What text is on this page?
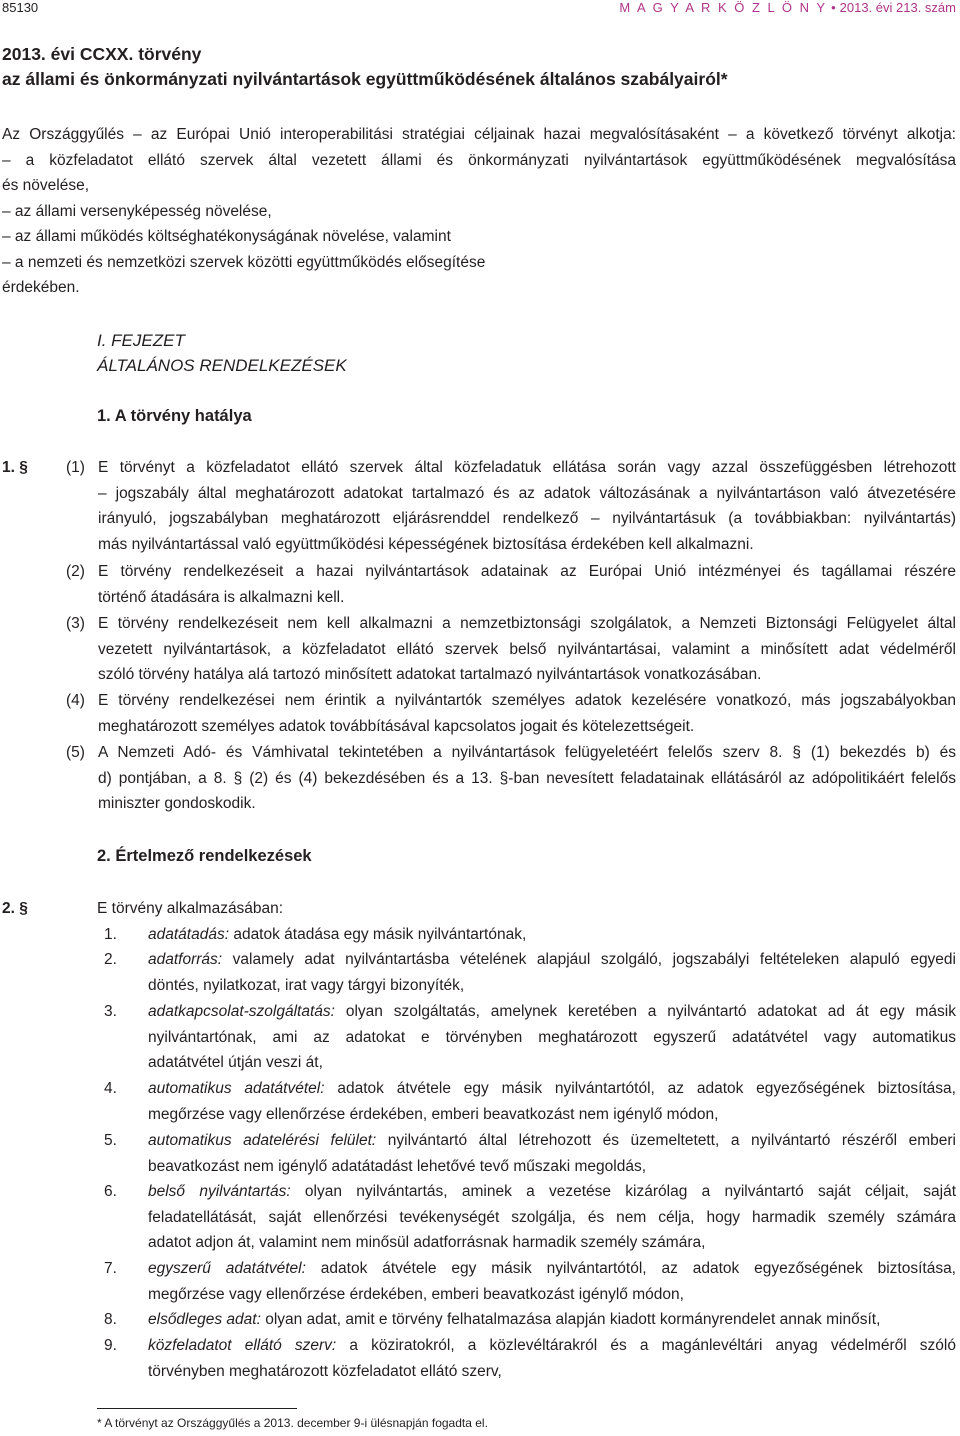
85130	M A G Y A R K Ö Z L Ö N Y • 2013. évi 213. szám
2013. évi CCXX. törvény
az állami és önkormányzati nyilvántartások együttműködésének általános szabályairól*
Az Országgyűlés – az Európai Unió interoperabilitási stratégiai céljainak hazai megvalósításaként – a következő törvényt alkotja:
– a közfeladatot ellátó szervek által vezetett állami és önkormányzati nyilvántartások együttműködésének megvalósítása
és növelése,
– az állami versenyképesség növelése,
– az állami működés költséghatékonyságának növelése, valamint
– a nemzeti és nemzetközi szervek közötti együttműködés elősegítése
érdekében.
I. FEJEZET
ÁLTALÁNOS RENDELKEZÉSEK
1. A törvény hatálya
1. § (1) E törvényt a közfeladatot ellátó szervek által közfeladatuk ellátása során vagy azzal összefüggésben létrehozott
– jogszabály által meghatározott adatokat tartalmazó és az adatok változásának a nyilvántartáson való átvezetésére
irányuló, jogszabályban meghatározott eljárásrenddel rendelkező – nyilvántartásuk (a továbbiakban: nyilvántartás)
más nyilvántartással való együttműködési képességének biztosítása érdekében kell alkalmazni.
(2) E törvény rendelkezéseit a hazai nyilvántartások adatainak az Európai Unió intézményei és tagállamai részére
történő átadására is alkalmazni kell.
(3) E törvény rendelkezéseit nem kell alkalmazni a nemzetbiztonsági szolgálatok, a Nemzeti Biztonsági Felügyelet által
vezetett nyilvántartások, a közfeladatot ellátó szervek belső nyilvántartásai, valamint a minősített adat védelméről
szóló törvény hatálya alá tartozó minősített adatokat tartalmazó nyilvántartások vonatkozásában.
(4) E törvény rendelkezései nem érintik a nyilvántartók személyes adatok kezelésére vonatkozó, más jogszabályokban
meghatározott személyes adatok továbbításával kapcsolatos jogait és kötelezettségeit.
(5) A Nemzeti Adó- és Vámhivatal tekintetében a nyilvántartások felügyeletéért felelős szerv 8. § (1) bekezdés b) és
d) pontjában, a 8. § (2) és (4) bekezdésében és a 13. §-ban nevesített feladatainak ellátásáról az adópolitikáért felelős
miniszter gondoskodik.
2. Értelmező rendelkezések
2. §	E törvény alkalmazásában:
1. adatátadás: adatok átadása egy másik nyilvántartónak,
2. adatforrás: valamely adat nyilvántartásba vételének alapjául szolgáló, jogszabályi feltételeken alapuló egyedi
döntés, nyilatkozat, irat vagy tárgyi bizonyíték,
3. adatkapcsolat-szolgáltatás: olyan szolgáltatás, amelynek keretében a nyilvántartó adatokat ad át egy másik
nyilvántartónak, ami az adatokat e törvényben meghatározott egyszerű adatátvétel vagy automatikus
adatátvétel útján veszi át,
4. automatikus adatátvétel: adatok átvétele egy másik nyilvántartótól, az adatok egyezőségének biztosítása,
megőrzése vagy ellenőrzése érdekében, emberi beavatkozást nem igénylő módon,
5. automatikus adatelérési felület: nyilvántartó által létrehozott és üzemeltetett, a nyilvántartó részéről emberi
beavatkozást nem igénylő adatátadást lehetővé tevő műszaki megoldás,
6. belső nyilvántartás: olyan nyilvántartás, aminek a vezetése kizárólag a nyilvántartó saját céljait, saját
feladatellátását, saját ellenőrzési tevékenységét szolgálja, és nem célja, hogy harmadik személy számára
adatot adjon át, valamint nem minősül adatforrásnak harmadik személy számára,
7. egyszerű adatátvétel: adatok átvétele egy másik nyilvántartótól, az adatok egyezőségének biztosítása,
megőrzése vagy ellenőrzése érdekében, emberi beavatkozást igénylő módon,
8. elsődleges adat: olyan adat, amit e törvény felhatalmazása alapján kiadott kormányrendelet annak minősít,
9. közfeladatot ellátó szerv: a köziratokról, a közlevéltárakról és a magánlevéltári anyag védelméről szóló
törvényben meghatározott közfeladatot ellátó szerv,
* A törvényt az Országgyűlés a 2013. december 9-i ülésnapján fogadta el.
